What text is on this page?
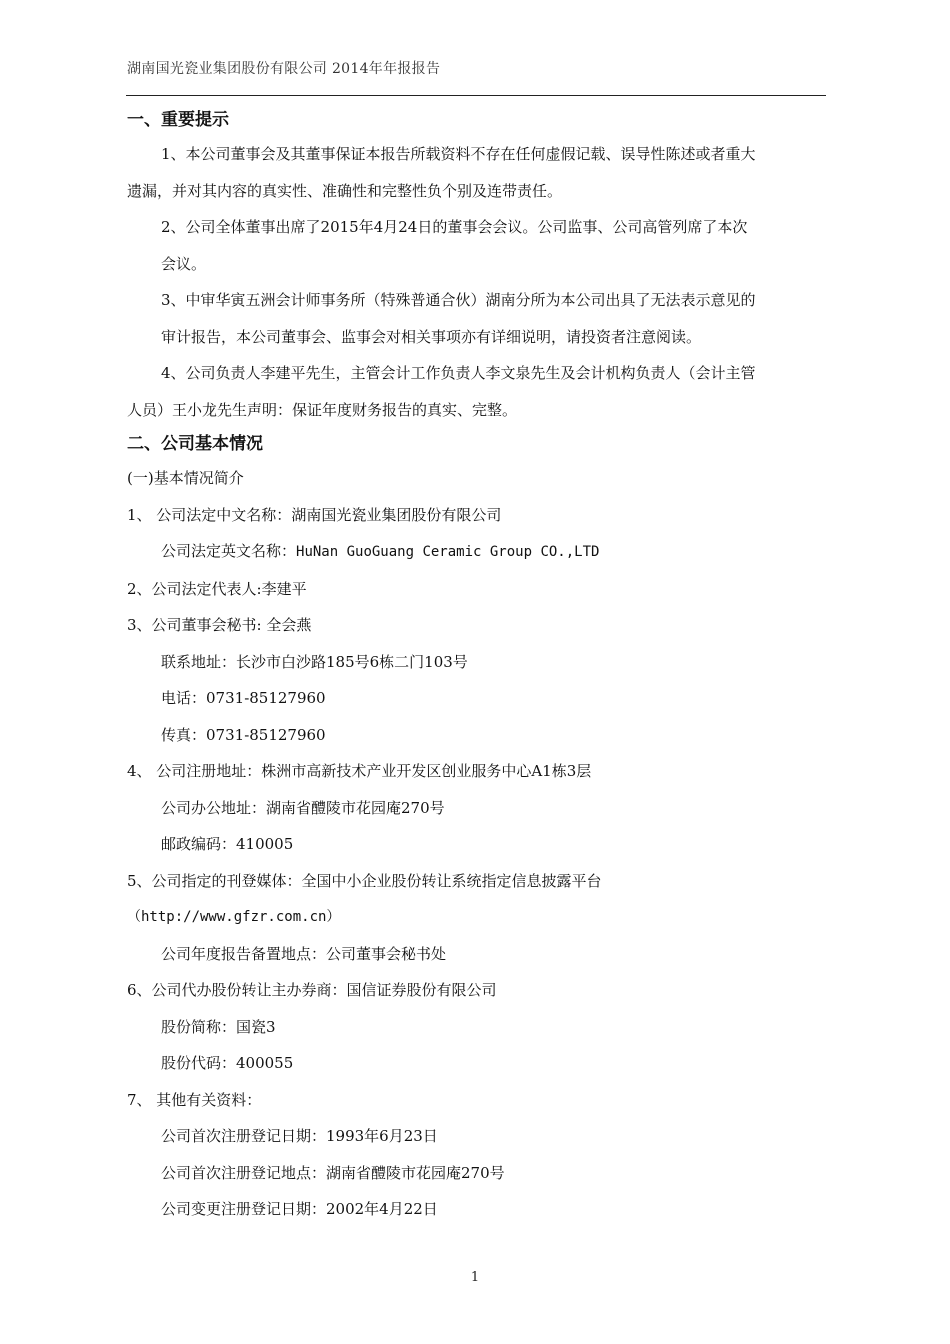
湖南国光瓷业集团股份有限公司 2014年年报报告
一、重要提示
1、本公司董事会及其董事保证本报告所载资料不存在任何虚假记载、误导性陈述或者重大
遗漏，并对其内容的真实性、准确性和完整性负个别及连带责任。
2、公司全体董事出席了2015年4月24日的董事会会议。公司监事、公司高管列席了本次
会议。
3、中审华寅五洲会计师事务所（特殊普通合伙）湖南分所为本公司出具了无法表示意见的
审计报告，本公司董事会、监事会对相关事项亦有详细说明，请投资者注意阅读。
4、公司负责人李建平先生，主管会计工作负责人李文泉先生及会计机构负责人（会计主管
人员）王小龙先生声明：保证年度财务报告的真实、完整。
二、公司基本情况
(一)基本情况简介
1、 公司法定中文名称：湖南国光瓷业集团股份有限公司
公司法定英文名称：HuNan GuoGuang Ceramic Group CO.,LTD
2、公司法定代表人:李建平
3、公司董事会秘书: 全会燕
联系地址：长沙市白沙路185号6栋二门103号
电话：0731-85127960
传真：0731-85127960
4、 公司注册地址：株洲市高新技术产业开发区创业服务中心A1栋3层
公司办公地址：湖南省醴陵市花园庵270号
邮政编码：410005
5、公司指定的刊登媒体：全国中小企业股份转让系统指定信息披露平台
（http://www.gfzr.com.cn）
公司年度报告备置地点：公司董事会秘书处
6、公司代办股份转让主办券商：国信证券股份有限公司
股份简称：国瓷3
股份代码：400055
7、 其他有关资料：
公司首次注册登记日期：1993年6月23日
公司首次注册登记地点：湖南省醴陵市花园庵270号
公司变更注册登记日期：2002年4月22日
1
